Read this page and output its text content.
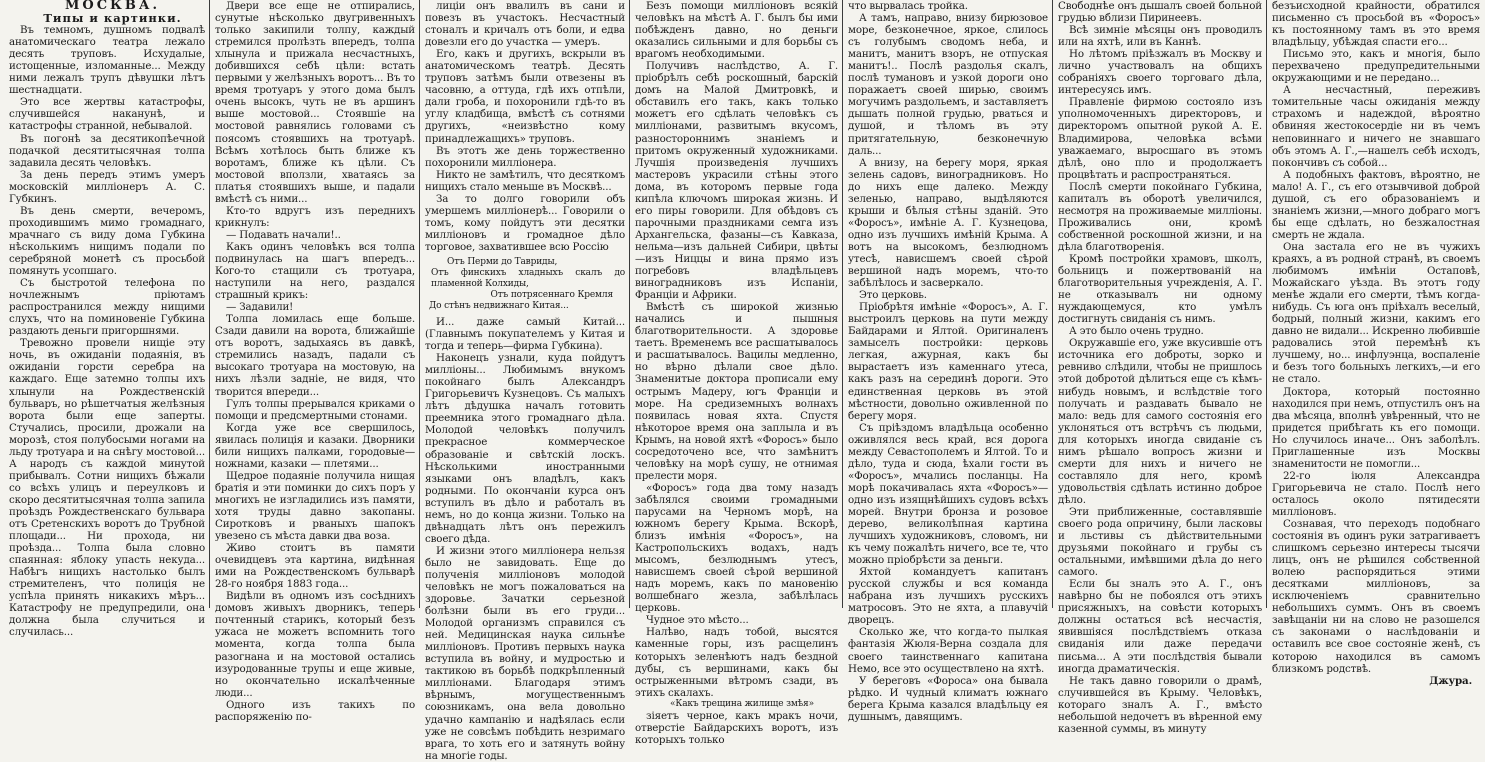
МОСКВА.

Типы и картинки.

Въ темномъ, душномъ подвалѣ анатомическаго театра лежало десять труповъ. Исхудалые, истощенные, изломанные... Между ними лежалъ трупъ дѣвушки лѣтъ шестнадцати.

Это все жертвы катастрофы, случившейся наканунѣ, и катастрофы странной, небывалой.

Въ погонѣ за десятикопѣечной подачкой десятитысячная толпа задавила десять человѣкъ.

За день передъ этимъ умеръ московскій милліонеръ А. С. Губкинъ.

Въ день смерти, вечеромъ, проходившимъ мимо громаднаго, мрачнаго съ виду дома Губкина нѣсколькимъ нищимъ подали по серебряной монетѣ съ просьбой помянуть усопшаго.

Съ быстротой телефона по ночлежнымъ пріютамъ распространился между нищими слухъ, что на поминовеніе Губкина раздають деньги пригоршнями.

Тревожно провели нищіе эту ночь, въ ожиданіи подаянія, въ ожиданіи горсти серебра на каждаго. Еще затемно толпы ихъ хлынули на Рождественскій бульваръ, но рѣшетчатыя желѣзныя ворота были еще заперты. Стучались, просили, дрожали на морозѣ, стоя полубосыми ногами на льду тротуара и на снѣгу мостовой... А народъ съ каждой минутой прибывалъ. Сотни нищихъ бѣжали со всѣхъ улицъ и переулковъ и скоро десятитысячная толпа запила проѣздъ Рождественскаго бульвара отъ Сретенскихъ воротъ до Трубной площади... Ни прохода, ни проѣзда... Толпа была словно спаянная: яблоку упасть некуда... Набѣгъ нищихъ настолько былъ стремителенъ, что полиція не успѣла принять никакихъ мѣръ... Катастрофу не предупредили, она должна была случиться и случилась...

Двери все еще не отпирались, сунутые нѣсколько двугривенныхъ только закипили толпу, каждый стремился пролѣзть впередъ, толпа хлынула и прижала несчастныхъ, добившихся себѣ цѣли: встать первыми у желѣзныхъ воротъ... Въ то время тротуаръ у этого дома былъ очень высокъ, чуть не въ аршинъ выше мостовой... Стоявшіе на мостовой равнялись головами съ поясомъ стоявшихъ на тротуарѣ. Всѣмъ хотѣлось быть ближе къ воротамъ, ближе къ цѣли. Съ мостовой вползли, хватаясь за платья стоявшихъ выше, и падали вмѣстѣ съ ними...

Кто-то вдругъ изъ переднихъ крикнулъ:

— Подавать начали!..

Какъ одинъ человѣкъ вся толпа подвинулась на шагъ впередъ... Кого-то стащили съ тротуара, наступили на него, раздался страшный крикъ:

— Задавили!

Толпа ломилась еще больше. Сзади давили на ворота, ближайшіе отъ воротъ, задыхаясь въ давкѣ, стремились назадъ, падали съ высокаго тротуара на мостовую, на нихъ лѣзли задніе, не видя, что творится впереди...

Гулъ толпы прерывался криками о помощи и предсмертными стонами.

Когда уже все свершилось, явилась полиція и казаки. Дворники били нищихъ палками, городовые—ножнами, казаки — плетями...

Щедрое подаяніе получила нищая братія и эти поминки до сихъ поръ у многихъ не изгладились изъ памяти, хотя труды давно закопаны. Сиротковъ и рваныхъ шапокъ увезено съ мѣста давки два воза.

Живо стоитъ въ памяти очевидцевъ эта картина, видѣнная ими на Рождественскомъ бульварѣ 28-го ноября 1883 года...

Видѣли въ одномъ изъ сосѣднихъ домовъ живыхъ дворникъ, теперь почтенный старикъ, который безъ ужаса не можетъ вспомнить того момента, когда толпа была разогнана и на мостовой остались изуродованные трупы и еще живые, но окончательно искалѣченные люди...

Одного изъ такихъ по распоряженію по-

лиціи онъ ввалилъ въ сани и повезъ въ участокъ. Несчастный стоналъ и кричалъ отъ боли, и едва довезли его до участка — умеръ.

Его, какъ и другихъ, вскрыли въ анатомическомъ театрѣ. Десять труповъ затѣмъ были отвезены въ часовню, а оттуда, гдѣ ихъ отпѣли, дали гроба, и похоронили гдѣ-то въ углу кладбища, вмѣстѣ съ сотнями другихъ, «неизвѣстно кому принадлежащихъ» труповъ.

Въ этотъ же день торжественно похоронили милліонера.

Никто не замѣтилъ, что десяткомъ нищихъ стало меньше въ Москвѣ...

За то долго говорили объ умершемъ милліонерѣ... Говорили о томъ, кому пойдутъ эти десятки милліоновъ и громадное дѣло торговое, захватившее всю Россію

Отъ Перми до Тавриды,
Отъ финскихъ хладныхъ скалъ до пламенной Колхиды,
Отъ потрясеннаго Кремля
До стѣнъ недвижнаго Китая...

И... даже самый Китай... (Главнымъ покупателемъ у Китая и тогда и теперь—фирма Губкина).

Наконецъ узнали, куда пойдутъ милліоны... Любимымъ внукомъ покойнаго былъ Александръ Григорьевичъ Кузнецовъ. Съ малыхъ лѣтъ дѣдушка началъ готовить преемника этого громаднаго дѣла. Молодой человѣкъ получилъ прекрасное коммерческое образованіе и свѣтскій лоскъ. Нѣсколькими иностранными языками онъ владѣлъ, какъ родными. По окончаніи курса онъ вступилъ въ дѣло и работалъ въ немъ, но до конца жизни. Только на двѣнадцать лѣтъ онъ пережилъ своего дѣда.

И жизни этого милліонера нельзя было не завидовать. Еще до полученія милліоновъ молодой человѣкъ не могъ пожаловаться на здоровье. Зачатки серьезной болѣзни были въ его груди... Молодой организмъ справился съ ней. Медицинская наука сильнѣе милліоновъ. Противъ первыхъ наука вступила въ войну, и мудростью и тактикою въ борьбѣ подкрѣпленный милліонами. Благодаря этимъ вѣрнымъ, могущественнымъ союзникамъ, она вела довольно удачно кампанію и надѣялась если уже не совсѣмъ побѣдить незримаго врага, то хоть его и затянуть войну на многіе годы.

Безъ помощи милліоновъ всякій человѣкъ на мѣстѣ А. Г. былъ бы ими побѣжденъ давно, но деньги оказались сильными и для борьбы съ врагомъ необходимыми.

Получивъ наслѣдство, А. Г. пріобрѣлъ себѣ роскошный, барскій домъ на Малой Дмитровкѣ, и обставилъ его такъ, какъ только можетъ его сдѣлать человѣкъ съ милліонами, развитымъ вкусомъ, разностороннимъ знаніемъ и притомъ окруженный художниками. Лучшія произведенія лучшихъ мастеровъ украсили стѣны этого дома, въ которомъ первые года кипѣла ключомъ широкая жизнь. И его пиры говорили. Для обѣдовъ съ парочными праздниками семга изъ Архангельска, фазаны—съ Кавказа, нельма—изъ дальней Сибири, цвѣты—изъ Ниццы и вина прямо изъ погребовъ владѣльцевъ виноградниковъ изъ Испаніи, Франціи и Африки.

Вмѣстѣ съ широкой жизнью начались и пышныя благотворительности. А здоровье таетъ. Временемъ все расшатывалось и расшатывалось. Вацилы медленно, но вѣрно дѣлали свое дѣло. Знаменитые доктора прописали ему острымъ Мадеру, югъ Франціи и море. На средиземныхъ волнахъ появилась новая яхта. Спустя нѣкоторое время она заплыла и въ Крымъ, на новой яхтѣ «Форосъ» было сосредоточено все, что замѣнитъ человѣку на морѣ сушу, не отнимая прелести моря.

«Форосъ» года два тому назадъ забѣлялся своими громадными парусами на Черномъ морѣ, на южномъ берегу Крыма. Вскорѣ, близъ имѣнія «Форосъ», на Кастропольскихъ водахъ, надъ мысомъ, безлюднымъ утесъ, нависшемъ своей сѣрой вершиной надъ моремъ, какъ по мановенію волшебнаго жезла, забѣлѣлась церковь.

Чудное это мѣсто...

Налѣво, надъ тобой, высятся каменные горы, изъ расщелинъ которыхъ зеленѣютъ надъ бездной дубы, съ вершинами, какъ бы острыженными вѣтромъ сзади, въ этихъ скалахъ.

«Какъ трещина жилище змѣя»

зіяетъ черное, какъ мракъ ночи, отверстіе Байдарскихъ воротъ, изъ которыхъ только

что вырвалась тройка.

А тамъ, направо, внизу бирюзовое море, безконечное, яркое, слилось съ голубымъ сводомъ неба, и манитъ, манитъ взоръ, не отпуская манитъ!.. Послѣ раздолья скалъ, послѣ тумановъ и узкой дороги оно поражаетъ своей ширью, своимъ могучимъ раздольемъ, и заставляетъ дышать полной грудью, рваться и душой, и тѣломъ въ эту притягательную, безконечную даль...

А внизу, на берегу моря, яркая зелень садовъ, виноградниковъ. Но до нихъ еще далеко. Между зеленью, направо, выдѣляются крыши и бѣлыя стѣны зданій. Это «Форосъ», имѣніе А. Г. Кузнецова, одно изъ лучшихъ имѣній Крыма. А вотъ на высокомъ, безлюдномъ утесѣ, нависшемъ своей сѣрой вершиной надъ моремъ, что-то забѣлѣлось и засверкало.

Это церковь.

Пріобрѣтя имѣніе «Форосъ», А. Г. выстроилъ церковь на пути между Байдарами и Ялтой. Оригиналенъ замыселъ постройки: церковь легкая, ажурная, какъ бы вырастаетъ изъ каменнаго утеса, какъ разъ на серединѣ дороги. Это единственная церковь въ этой мѣстности, довольно оживленной по берегу моря.

Съ пріѣздомъ владѣльца особенно оживлялся весь край, вся дорога между Севастополемъ и Ялтой. То и дѣло, туда и сюда, ѣхали гости въ «Форосъ», мчались посланцы. На морѣ покачивалась яхта «Форосъ»—одно изъ изящнѣйшихъ судовъ всѣхъ морей. Внутри бронза и розовое дерево, великолѣпная картина лучшихъ художниковъ, словомъ, ни къ чему пожалѣть ничего, все те, что можно пріобрѣсти за деньги.

Яхтой командуетъ капитанъ русской службы и вся команда набрана изъ лучшихъ русскихъ матросовъ. Это не яхта, а плавучій дворецъ.

Сколько же, что когда-то пылкая фантазія Жюля-Верна создала для своего таинственнаго капитана Немо, все это осуществлено на яхтѣ.

У береговъ «Фороса» она бывала рѣдко. И чудный климатъ южнаго берега Крыма казался владѣльцу ея душнымъ, давящимъ.

Свободнѣе онъ дышалъ своей больной грудью вблизи Пиринеевъ.

Всѣ зимніе мѣсяцы онъ проводилъ или на яхтѣ, или въ Каннѣ.

Но лѣтомъ пріѣзжалъ въ Москву и лично участвовалъ на общихъ собраніяхъ своего торговаго дѣла, интересуясь имъ.

Правленіе фирмою состояло изъ уполномоченныхъ директоровъ, и директоромъ опытной рукой А. Е. Владимирова, человѣка всѣми уважаемаго, выросшаго въ этомъ дѣлѣ, оно пло и продолжаетъ процвѣтать и распространяться.

Послѣ смерти покойнаго Губкина, капиталъ въ оборотѣ увеличился, несмотря на проживаемые милліоны. Проживались они, кромѣ собственной роскошной жизни, и на дѣла благотворенія.

Кромѣ постройки храмовъ, школъ, больницъ и пожертвованій на благотворительныя учрежденія, А. Г. не отказывалъ ни одному нуждающемуся, кто умѣлъ достигнуть свиданія съ нимъ.

А это было очень трудно.

Окружавшіе его, уже вкусившіе отъ источника его доброты, зорко и ревниво слѣдили, чтобы не пришлось этой добротой дѣлиться еще съ кѣмъ-нибудь новымъ, и вслѣдствіе того получать и раздавать бывало не мало: ведь для самого состоянія его уклоняться отъ встрѣчъ съ людьми, для которыхъ иногда свиданіе съ нимъ рѣшало вопросъ жизни и смерти для нихъ и ничего не составляло для него, кромѣ удовольствія сдѣлать истинно доброе дѣло.

Эти приближенные, составлявшіе своего рода опричину, были ласковы и льстивы съ дѣйствительными друзьями покойнаго и грубы съ остальными, имѣвшими дѣла до него самого.

Если бы зналъ это А. Г., онъ навѣрно бы не побоялся отъ этихъ присяжныхъ, на совѣсти которыхъ должны остаться всѣ несчастія, явившіяся послѣдствіемъ отказа свиданія или даже передачи письма... А эти послѣдствія бывали иногда драматическія.

Не такъ давно говорили о драмѣ, случившейся въ Крыму. Человѣкъ, котораго зналъ А. Г., вмѣсто небольшой недочетъ въ вѣренной ему казенной суммы, въ минуту

безъисходной крайности, обратился письменно съ просьбой въ «Форосъ» къ постоянному тамъ въ это время владѣльцу, убѣждая спасти его...

Письмо это, какъ и многія, было перехвачено предупредительными окружающими и не передано...

А несчастный, переживъ томительные часы ожиданія между страхомъ и надеждой, вѣроятно обвиняя жестокосердіе ни въ чемъ неповиннаго и ничего не знавшаго объ этомъ А. Г.,—нашелъ себѣ исходъ, покончивъ съ собой...

А подобныхъ фактовъ, вѣроятно, не мало! А. Г., съ его отзывчивой доброй душой, съ его образованіемъ и знаніемъ жизни,—много добраго могъ бы еще сдѣлать, но безжалостная смерть не ждала.

Она застала его не въ чужихъ краяхъ, а въ родной странѣ, въ своемъ любимомъ имѣніи Остаповѣ, Можайскаго уѣзда. Въ этотъ году менѣе ждали его смерти, тѣмъ когда-нибудь. Съ юга онъ пріѣхалъ веселый, бодрый, полный жизни, какимъ его давно не видали... Искренно любившіе радовались этой перемѣнѣ къ лучшему, но... инфлуэнца, воспаленіе и безъ того больныхъ легкихъ,—и его не стало.

Доктора, который постоянно находился при немъ, отпустилъ онъ на два мѣсяца, вполнѣ увѣренный, что не придется прибѣгать къ его помощи. Но случилось иначе... Онъ заболѣлъ. Приглашенные изъ Москвы знаменитости не помогли...

22-го іюля Александра Григорьевича не стало. Послѣ него осталось около пятидесяти милліоновъ.

Сознавая, что переходъ подобнаго состоянія въ одинъ руки затрагиваетъ слишкомъ серьезно интересы тысячи лицъ, онъ не рѣшился собственной волею распорядиться этими десятками милліоновъ, за исключеніемъ сравнительно небольшихъ суммъ. Онъ въ своемъ завѣщаніи ни на слово не разошелся съ законами о наслѣдованіи и оставилъ все свое состояніе женѣ, съ которою находился въ самомъ близкомъ родствѣ.

Джура.
